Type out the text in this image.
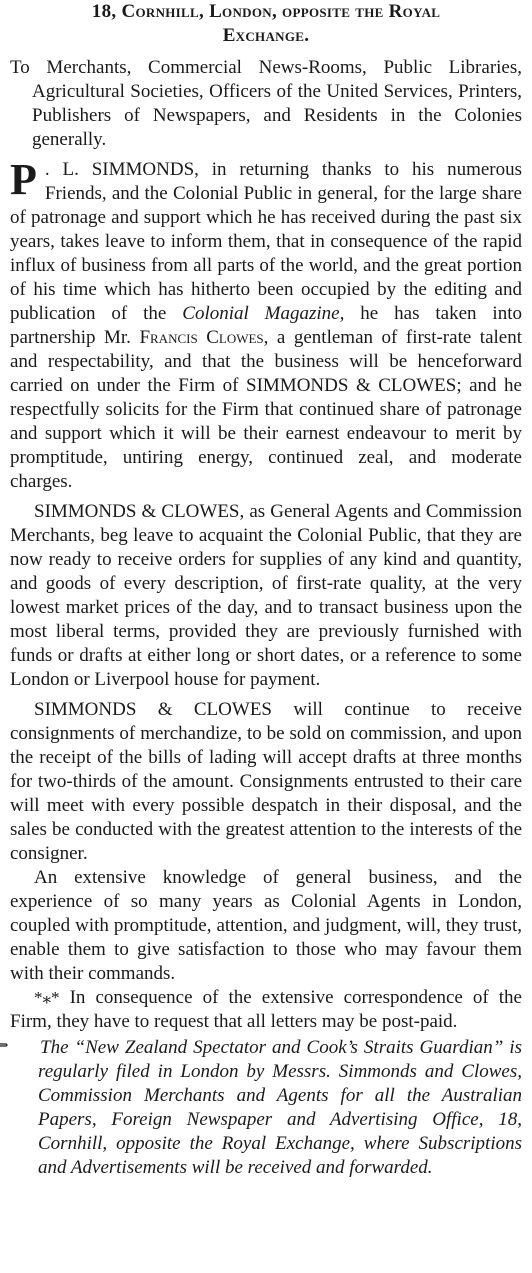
18, Cornhill, London, opposite the Royal
Exchange.

To Merchants, Commercial News-Rooms, Public Libraries, Agricultural Societies, Officers of the United Services, Printers, Publishers of Newspapers, and Residents in the Colonies generally.

P . L. SIMMONDS, in returning thanks to his numerous Friends, and the Colonial Public in general, for the large share of patronage and support which he has received during the past six years, takes leave to inform them, that in consequence of the rapid influx of business from all parts of the world, and the great portion of his time which has hitherto been occupied by the editing and publication of the Colonial Magazine, he has taken into partnership Mr. Francis Clowes, a gentleman of first-rate talent and respectability, and that the business will be henceforward carried on under the Firm of SIMMONDS & CLOWES; and he respectfully solicits for the Firm that continued share of patronage and support which it will be their earnest endeavour to merit by promptitude, untiring energy, continued zeal, and moderate charges.

SIMMONDS & CLOWES, as General Agents and Commission Merchants, beg leave to acquaint the Colonial Public, that they are now ready to receive orders for supplies of any kind and quantity, and goods of every description, of first-rate quality, at the very lowest market prices of the day, and to transact business upon the most liberal terms, provided they are previously furnished with funds or drafts at either long or short dates, or a reference to some London or Liverpool house for payment.

SIMMONDS & CLOWES will continue to receive consignments of merchandize, to be sold on commission, and upon the receipt of the bills of lading will accept drafts at three months for two-thirds of the amount. Consignments entrusted to their care will meet with every possible despatch in their disposal, and the sales be conducted with the greatest attention to the interests of the consigner.

An extensive knowledge of general business, and the experience of so many years as Colonial Agents in London, coupled with promptitude, attention, and judgment, will, they trust, enable them to give satisfaction to those who may favour them with their commands.

*⁎* In consequence of the extensive correspondence of the Firm, they have to request that all letters may be post-paid.

The “New Zealand Spectator and Cook’s Straits Guardian” is regularly filed in London by Messrs. Simmonds and Clowes, Commission Merchants and Agents for all the Australian Papers, Foreign Newspaper and Advertising Office, 18, Cornhill, opposite the Royal Exchange, where Subscriptions and Advertisements will be received and forwarded.
